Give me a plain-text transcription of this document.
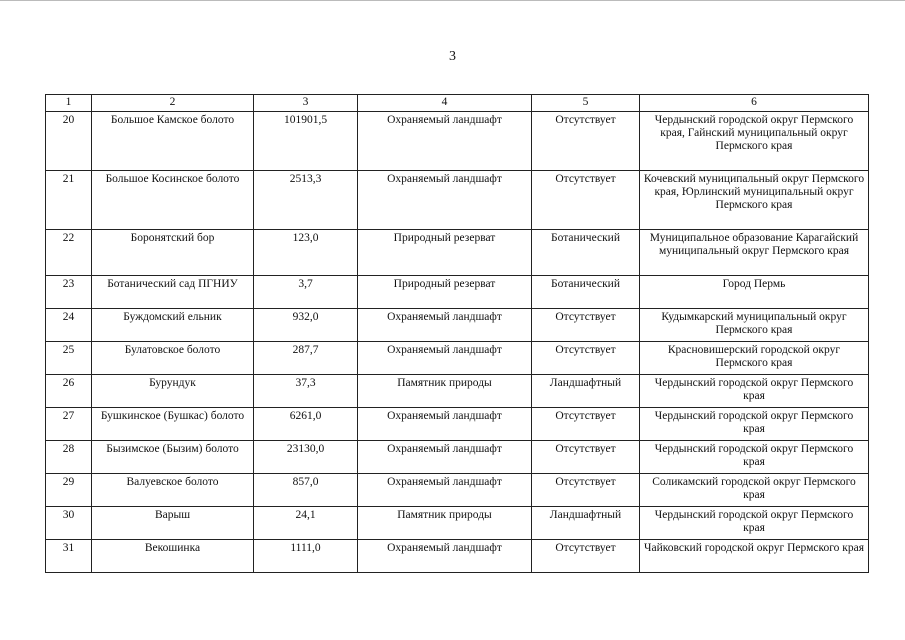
3
1	2	3	4	5	6
20	Большое Камское болото	101901,5	Охраняемый ландшафт	Отсутствует	Чердынский городской округ Пермского края, Гайнский муниципальный округ Пермского края
21	Большое Косинское болото	2513,3	Охраняемый ландшафт	Отсутствует	Кочевский муниципальный округ Пермского края, Юрлинский муниципальный округ Пермского края
22	Боронятский бор	123,0	Природный резерват	Ботанический	Муниципальное образование Карагайский муниципальный округ Пермского края
23	Ботанический сад ПГНИУ	3,7	Природный резерват	Ботанический	Город Пермь
24	Буждомский ельник	932,0	Охраняемый ландшафт	Отсутствует	Кудымкарский муниципальный округ Пермского края
25	Булатовское болото	287,7	Охраняемый ландшафт	Отсутствует	Красновишерский городской округ Пермского края
26	Бурундук	37,3	Памятник природы	Ландшафтный	Чердынский городской округ Пермского края
27	Бушкинское (Бушкас) болото	6261,0	Охраняемый ландшафт	Отсутствует	Чердынский городской округ Пермского края
28	Бызимское (Бызим) болото	23130,0	Охраняемый ландшафт	Отсутствует	Чердынский городской округ Пермского края
29	Валуевское болото	857,0	Охраняемый ландшафт	Отсутствует	Соликамский городской округ Пермского края
30	Варыш	24,1	Памятник природы	Ландшафтный	Чердынский городской округ Пермского края
31	Векошинка	1111,0	Охраняемый ландшафт	Отсутствует	Чайковский городской округ Пермского края
